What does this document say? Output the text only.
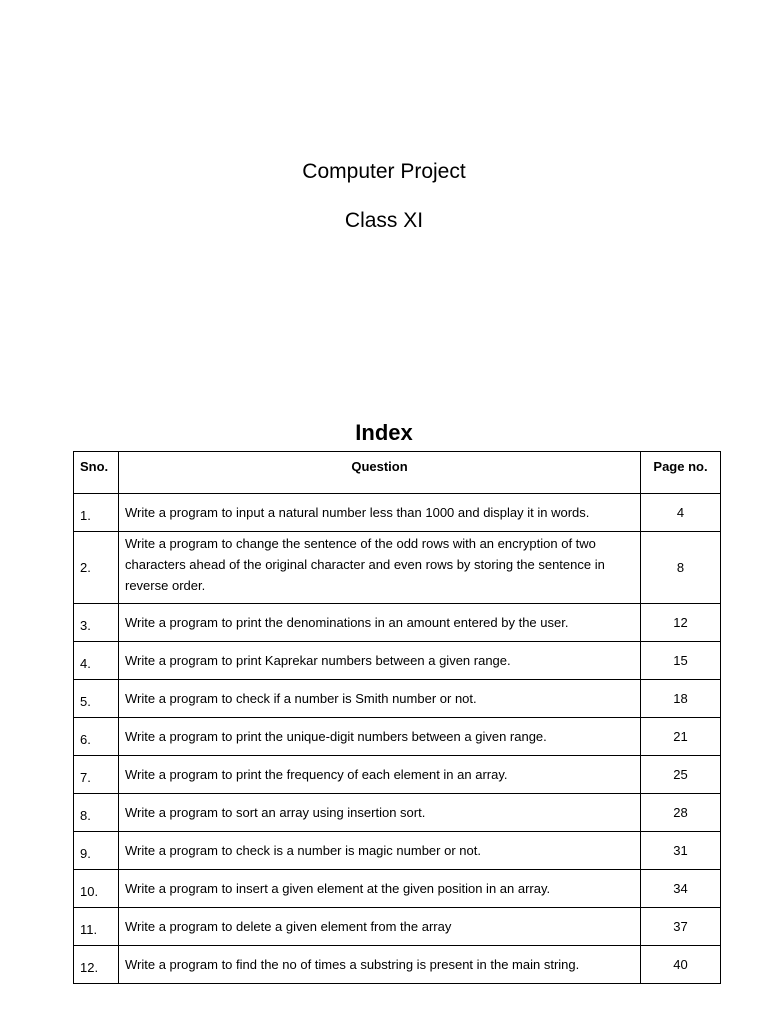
Computer Project
Class XI
Index
Sno.	Question	Page no.
1.	Write a program to input a natural number less than 1000 and display it in words.	4
2.	Write a program to change the sentence of the odd rows with an encryption of two characters ahead of the original character and even rows by storing the sentence in reverse order.	8
3.	Write a program to print the denominations in an amount entered by the user.	12
4.	Write a program to print Kaprekar numbers between a given range.	15
5.	Write a program to check if a number is Smith number or not.	18
6.	Write a program to print the unique-digit numbers between a given range.	21
7.	Write a program to print the frequency of each element in an array.	25
8.	Write a program to sort an array using insertion sort.	28
9.	Write a program to check is a number is magic number or not.	31
10.	Write a program to insert a given element at the given position in an array.	34
11.	Write a program to delete a given element from the array	37
12.	Write a program to find the no of times a substring is present in the main string.	40
